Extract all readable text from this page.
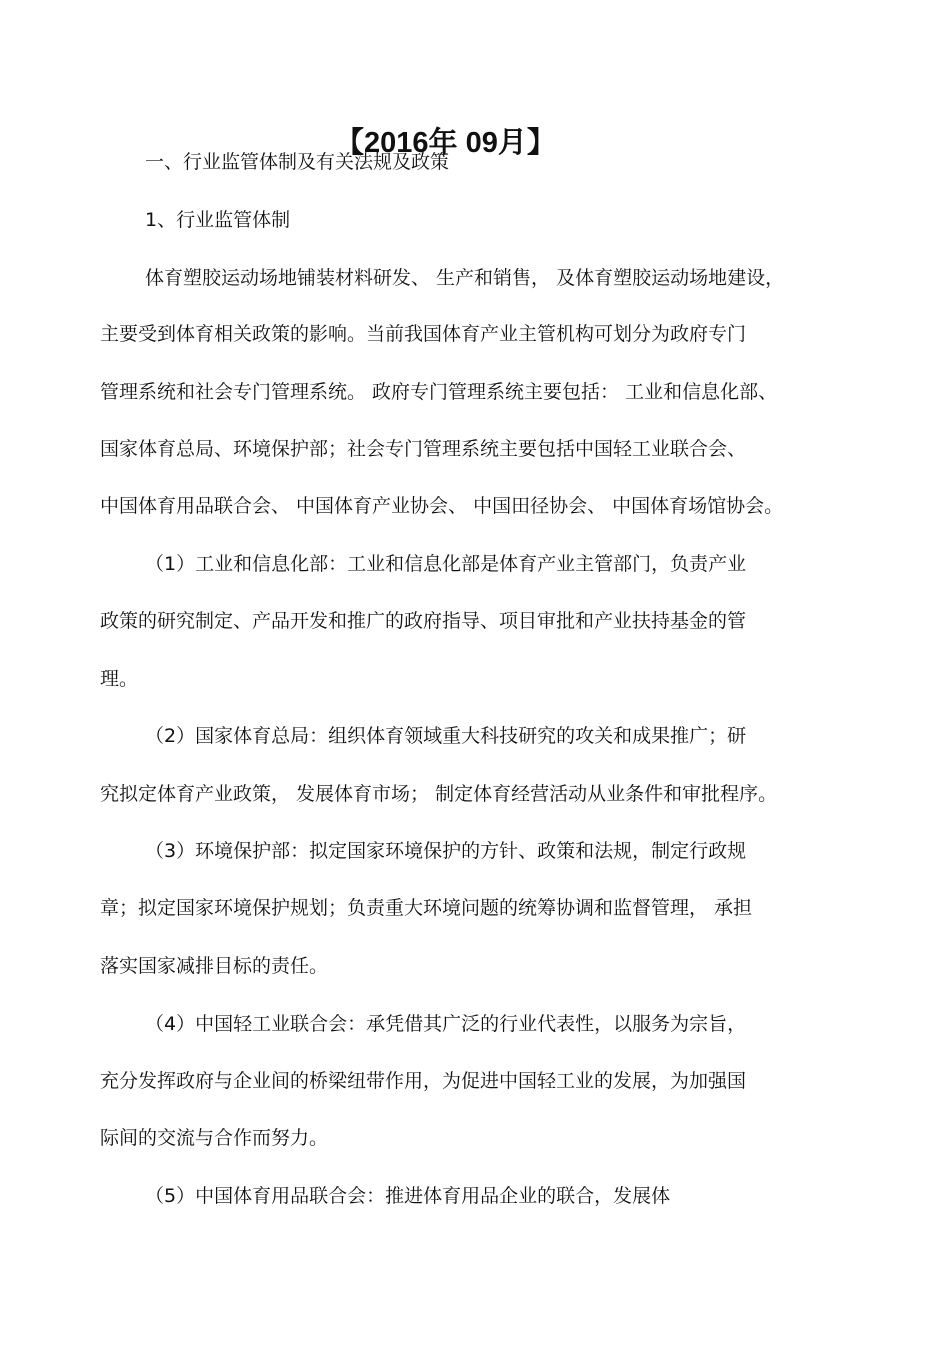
【2016年 09月】
一、行业监管体制及有关法规及政策
1、行业监管体制
体育塑胶运动场地铺装材料研发、 生产和销售， 及体育塑胶运动场地建设，
主要受到体育相关政策的影响。当前我国体育产业主管机构可划分为政府专门
管理系统和社会专门管理系统。 政府专门管理系统主要包括： 工业和信息化部、
国家体育总局、环境保护部；社会专门管理系统主要包括中国轻工业联合会、
中国体育用品联合会、 中国体育产业协会、 中国田径协会、 中国体育场馆协会。
（1）工业和信息化部：工业和信息化部是体育产业主管部门，负责产业
政策的研究制定、产品开发和推广的政府指导、项目审批和产业扶持基金的管
理。
（2）国家体育总局：组织体育领域重大科技研究的攻关和成果推广；研
究拟定体育产业政策， 发展体育市场； 制定体育经营活动从业条件和审批程序。
（3）环境保护部：拟定国家环境保护的方针、政策和法规，制定行政规
章；拟定国家环境保护规划；负责重大环境问题的统筹协调和监督管理， 承担
落实国家减排目标的责任。
（4）中国轻工业联合会：承凭借其广泛的行业代表性，以服务为宗旨，
充分发挥政府与企业间的桥梁纽带作用，为促进中国轻工业的发展，为加强国
际间的交流与合作而努力。
（5）中国体育用品联合会：推进体育用品企业的联合，发展体
